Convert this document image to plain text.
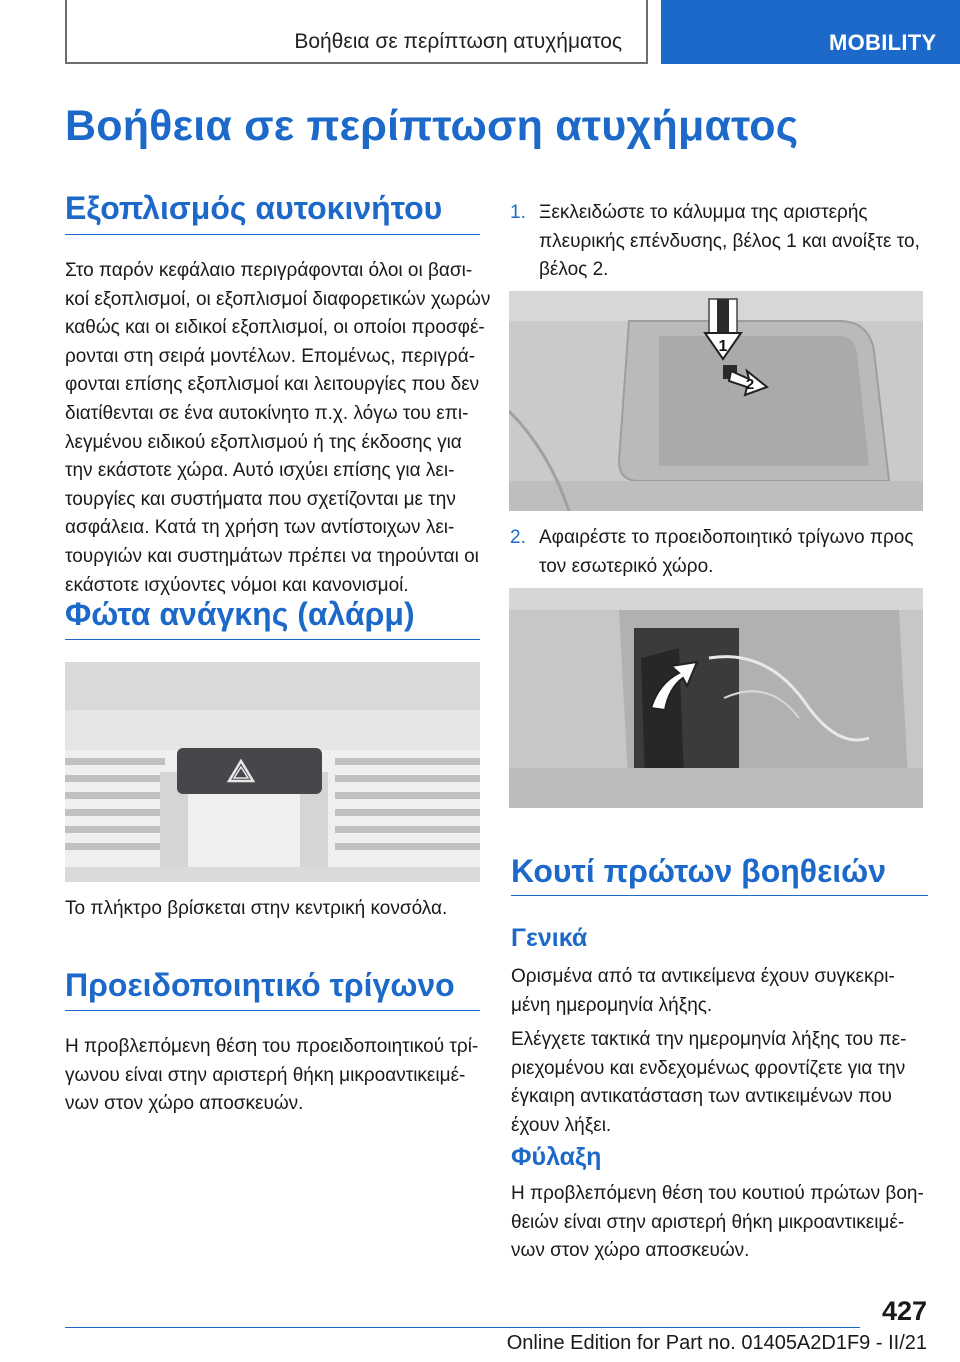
Βοήθεια σε περίπτωση ατυχήματος	MOBILITY
Βοήθεια σε περίπτωση ατυχήματος
Εξοπλισμός αυτοκινήτου
Στο παρόν κεφάλαιο περιγράφονται όλοι οι βασι‐
κοί εξοπλισμοί, οι εξοπλισμοί διαφορετικών χωρών
καθώς και οι ειδικοί εξοπλισμοί, οι οποίοι προσφέ‐
ρονται στη σειρά μοντέλων. Επομένως, περιγρά‐
φονται επίσης εξοπλισμοί και λειτουργίες που δεν
διατίθενται σε ένα αυτοκίνητο π.χ. λόγω του επι‐
λεγμένου ειδικού εξοπλισμού ή της έκδοσης για
την εκάστοτε χώρα. Αυτό ισχύει επίσης για λει‐
τουργίες και συστήματα που σχετίζονται με την
ασφάλεια. Κατά τη χρήση των αντίστοιχων λει‐
τουργιών και συστημάτων πρέπει να τηρούνται οι
εκάστοτε ισχύοντες νόμοι και κανονισμοί.
Φώτα ανάγκης (αλάρμ)
Το πλήκτρο βρίσκεται στην κεντρική κονσόλα.
Προειδοποιητικό τρίγωνο
Η προβλεπόμενη θέση του προειδοποιητικού τρί‐
γωνου είναι στην αριστερή θήκη μικροαντικειμέ‐
νων στον χώρο αποσκευών.
1. Ξεκλειδώστε το κάλυμμα της αριστερής
πλευρικής επένδυσης, βέλος 1 και ανοίξτε το,
βέλος 2.
1
2
2. Αφαιρέστε το προειδοποιητικό τρίγωνο προς
τον εσωτερικό χώρο.
Κουτί πρώτων βοηθειών
Γενικά
Ορισμένα από τα αντικείμενα έχουν συγκεκρι‐
μένη ημερομηνία λήξης.
Ελέγχετε τακτικά την ημερομηνία λήξης του πε‐
ριεχομένου και ενδεχομένως φροντίζετε για την
έγκαιρη αντικατάσταση των αντικειμένων που
έχουν λήξει.
Φύλαξη
Η προβλεπόμενη θέση του κουτιού πρώτων βοη‐
θειών είναι στην αριστερή θήκη μικροαντικειμέ‐
νων στον χώρο αποσκευών.
427
Online Edition for Part no. 01405A2D1F9 - II/21
